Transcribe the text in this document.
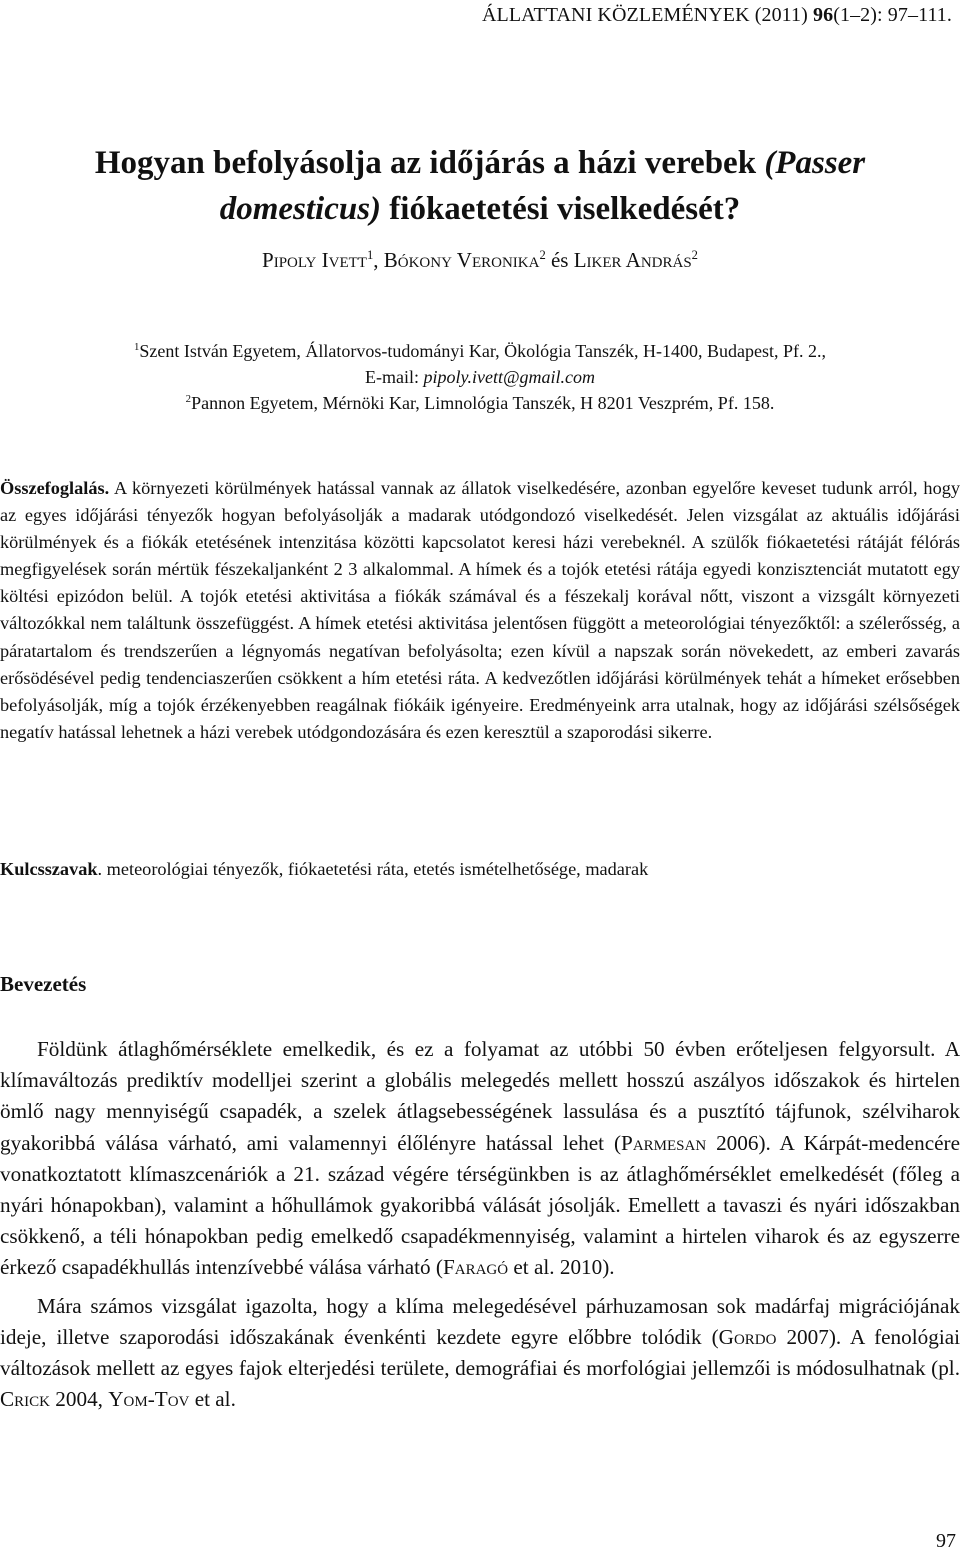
ÁLLATTANI KÖZLEMÉNYEK (2011) 96(1–2): 97–111.
Hogyan befolyásolja az időjárás a házi verebek (Passer domesticus) fiókaetetési viselkedését?
Pipoly Ivett$^1$, Bókony Veronika$^2$ és Liker András$^2$
$^1$Szent István Egyetem, Állatorvos-tudományi Kar, Ökológia Tanszék, H-1400, Budapest, Pf. 2.,
E-mail: pipoly.ivett@gmail.com
$^2$Pannon Egyetem, Mérnöki Kar, Limnológia Tanszék, H 8201 Veszprém, Pf. 158.
Összefoglalás. A környezeti körülmények hatással vannak az állatok viselkedésére, azonban egyelőre keveset tudunk arról, hogy az egyes időjárási tényezők hogyan befolyásolják a madarak utódgondozó viselkedését. Jelen vizsgálat az aktuális időjárási körülmények és a fiókák etetésének intenzitása közötti kapcsolatot keresi házi verebeknél. A szülők fiókaetetési rátáját félórás megfigyelések során mértük fészekaljanként 2 3 alkalommal. A hímek és a tojók etetési rátája egyedi konzisztenciát mutatott egy költési epizódon belül. A tojók etetési aktivitása a fiókák számával és a fészekalj korával nőtt, viszont a vizsgált környezeti változókkal nem találtunk összefüggést. A hímek etetési aktivitása jelentősen függött a meteorológiai tényezőktől: a szélerősség, a páratartalom és trendszerűen a légnyomás negatívan befolyásolta; ezen kívül a napszak során növekedett, az emberi zavarás erősödésével pedig tendenciaszerűen csökkent a hím etetési ráta. A kedvezőtlen időjárási körülmények tehát a hímeket erősebben befolyásolják, míg a tojók érzékenyebben reagálnak fiókáik igényeire. Eredményeink arra utalnak, hogy az időjárási szélsőségek negatív hatással lehetnek a házi verebek utódgondozására és ezen keresztül a szaporodási sikerre.
Kulcsszavak. meteorológiai tényezők, fiókaetetési ráta, etetés ismételhetősége, madarak
Bevezetés

Földünk átlaghőmérséklete emelkedik, és ez a folyamat az utóbbi 50 évben erőteljesen felgyorsult. A klímaváltozás prediktív modelljei szerint a globális melegedés mellett hosszú aszályos időszakok és hirtelen ömlő nagy mennyiségű csapadék, a szelek átlagsebességének lassulása és a pusztító tájfunok, szélviharok gyakoribbá válása várható, ami valamennyi élőlényre hatással lehet (Parmesan 2006). A Kárpát-medencére vonatkoztatott klímaszcenáriók a 21. század végére térségünkben is az átlaghőmérséklet emelkedését (főleg a nyári hónapokban), valamint a hőhullámok gyakoribbá válását jósolják. Emellett a tavaszi és nyári időszakban csökkenő, a téli hónapokban pedig emelkedő csapadékmennyiség, valamint a hirtelen viharok és az egyszerre érkező csapadékhullás intenzívebbé válása várható (Faragó et al. 2010).

Mára számos vizsgálat igazolta, hogy a klíma melegedésével párhuzamosan sok madárfaj migrációjának ideje, illetve szaporodási időszakának évenkénti kezdete egyre előbbre tolódik (Gordo 2007). A fenológiai változások mellett az egyes fajok elterjedési területe, demográfiai és morfológiai jellemzői is módosulhatnak (pl. Crick 2004, Yom-Tov et al.

97
